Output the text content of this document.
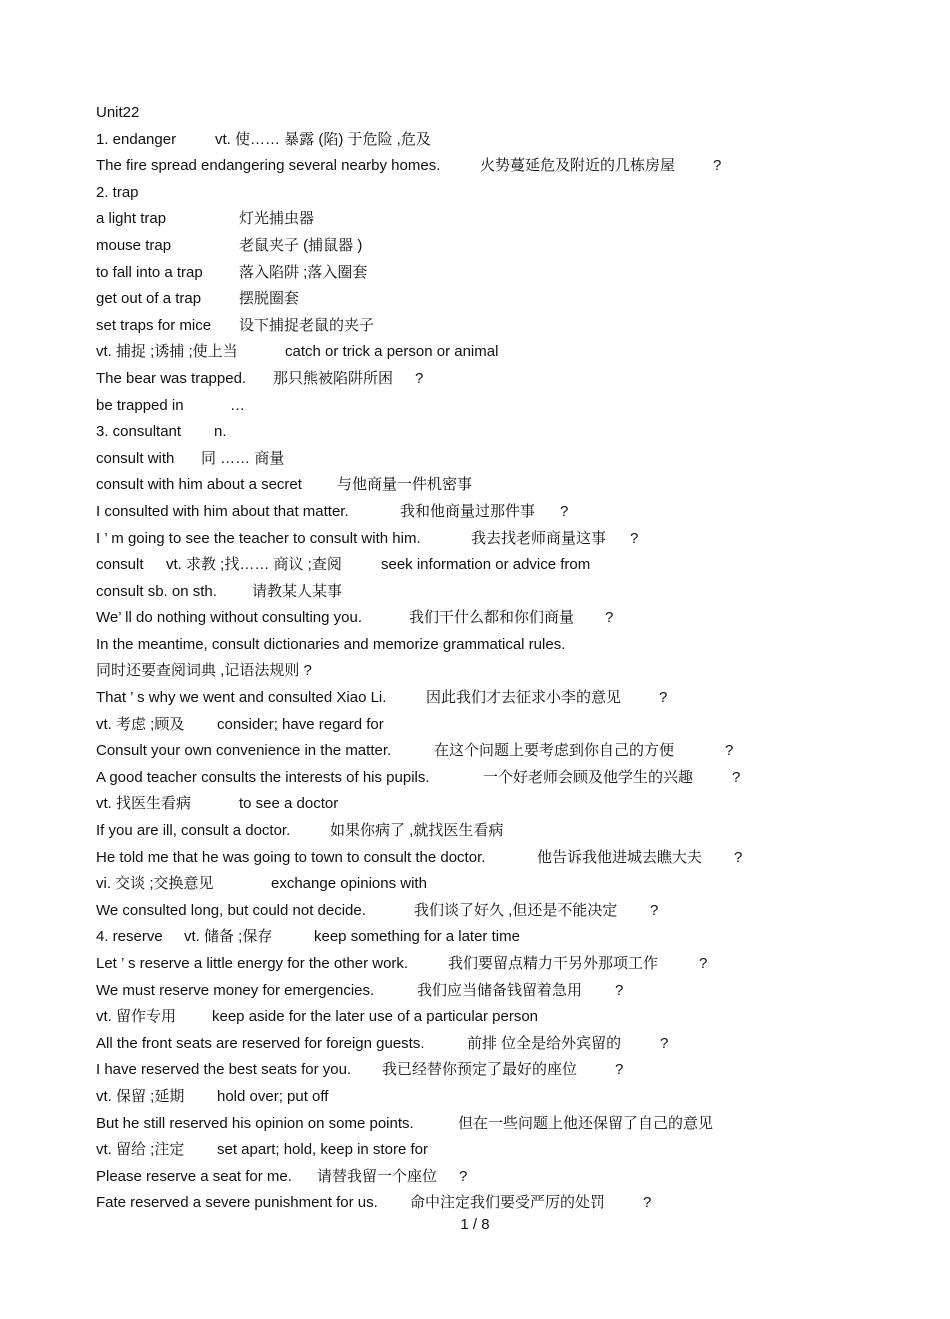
Unit22
1. endanger	vt. 使…… 暴露 (陷) 于危险 ,危及
The fire spread endangering several nearby homes.	火势蔓延危及附近的几栋房屋	?
2. trap
a light trap	灯光捕虫器
mouse trap	老鼠夹子 (捕鼠器 )
to fall into a trap 落入陷阱 ;落入圈套
get out of a trap	摆脱圈套
set traps for mice 设下捕捉老鼠的夹子
vt. 捕捉 ;诱捕 ;使上当	catch or trick a person or animal
The bear was trapped. 那只熊被陷阱所困 ?
be trapped in	…
3. consultant n.
consult with 同 …… 商量
consult with him about a secret 与他商量一件机密事
I consulted with him about that matter.	我和他商量过那件事 ?
I ’ m going to see the teacher to consult with him.	我去找老师商量这事 ?
consult vt. 求教 ;找…… 商议 ;查阅	seek information or advice from
consult sb. on sth. 请教某人某事
We’ ll do nothing without consulting you.	我们干什么都和你们商量 ?
In the meantime, consult dictionaries and memorize grammatical rules.
同时还要查阅词典 ,记语法规则 ?
That ’ s why we went and consulted Xiao Li.	因此我们才去征求小李的意见	?
vt. 考虑 ;顾及 consider; have regard for
Consult your own convenience in the matter.	在这个问题上要考虑到你自己的方便	?
A good teacher consults the interests of his pupils.	一个好老师会顾及他学生的兴趣	?
vt. 找医生看病	to see a doctor
If you are ill, consult a doctor.	如果你病了 ,就找医生看病
He told me that he was going to town to consult the doctor.	他告诉我他进城去瞧大夫 ?
vi. 交谈 ;交换意见	exchange opinions with
We consulted long, but could not decide.	我们谈了好久 ,但还是不能决定 ?
4. reserve vt. 储备 ;保存	keep something for a later time
Let ’ s reserve a little energy for the other work.	我们要留点精力干另外那项工作	?
We must reserve money for emergencies.	我们应当储备钱留着急用 ?
vt. 留作专用 keep aside for the later use of a particular person
All the front seats are reserved for foreign guests.	前排 位全是给外宾留的	?
I have reserved the best seats for you. 我已经替你预定了最好的座位	?
vt. 保留 ;延期 hold over; put off
But he still reserved his opinion on some points.	但在一些问题上他还保留了自己的意见
vt. 留给 ;注定 set apart; hold, keep in store for
Please reserve a seat for me. 请替我留一个座位 ?
Fate reserved a severe punishment for us. 命中注定我们要受严厉的处罚	?
1 / 8
